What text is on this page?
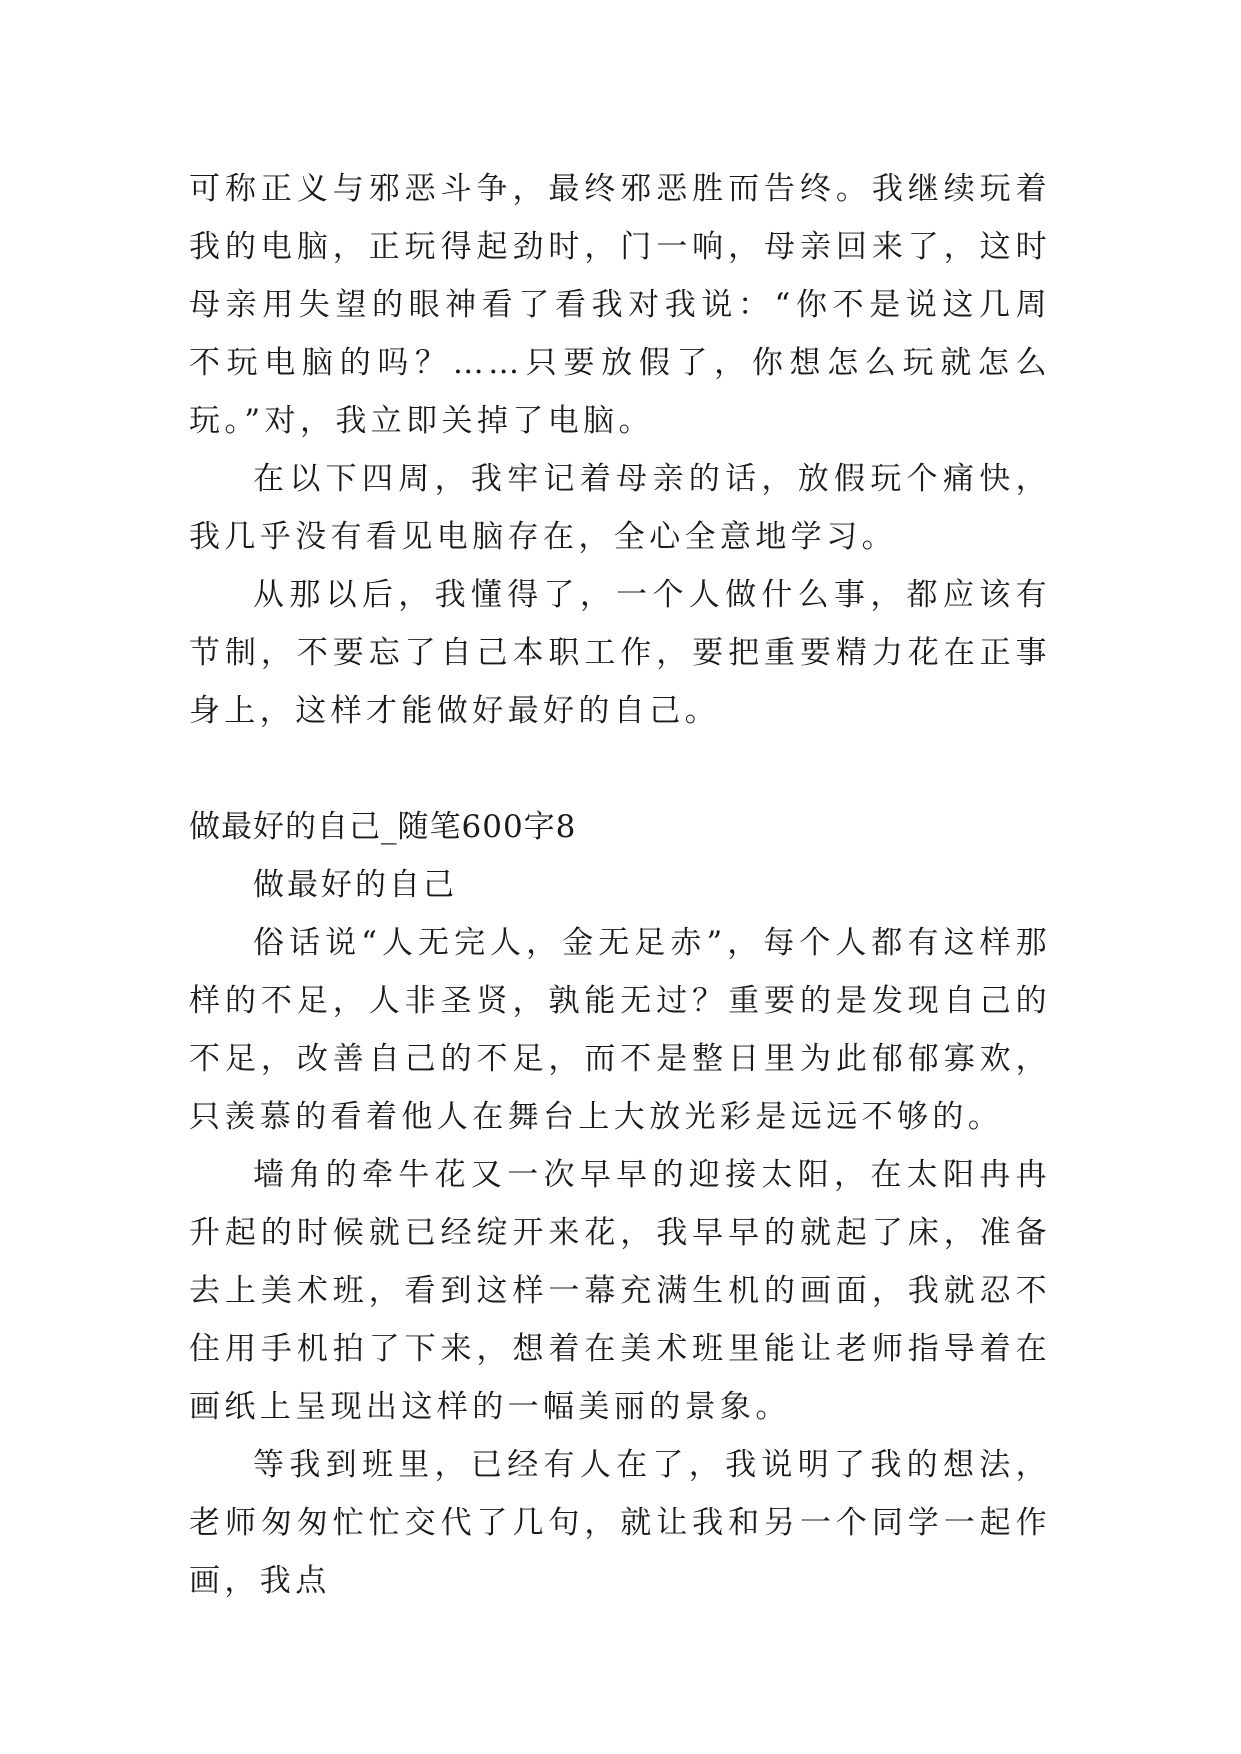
可称正义与邪恶斗争，最终邪恶胜而告终。我继续玩着我的电脑，正玩得起劲时，门一响，母亲回来了，这时母亲用失望的眼神看了看我对我说：“你不是说这几周不玩电脑的吗？……只要放假了，你想怎么玩就怎么玩。”对，我立即关掉了电脑。

在以下四周，我牢记着母亲的话，放假玩个痛快，我几乎没有看见电脑存在，全心全意地学习。

从那以后，我懂得了，一个人做什么事，都应该有节制，不要忘了自己本职工作，要把重要精力花在正事身上，这样才能做好最好的自己。

做最好的自己_随笔600字8

做最好的自己

俗话说“人无完人，金无足赤”，每个人都有这样那样的不足，人非圣贤，孰能无过？重要的是发现自己的不足，改善自己的不足，而不是整日里为此郁郁寡欢，只羡慕的看着他人在舞台上大放光彩是远远不够的。

墙角的牵牛花又一次早早的迎接太阳，在太阳冉冉升起的时候就已经绽开来花，我早早的就起了床，准备去上美术班，看到这样一幕充满生机的画面，我就忍不住用手机拍了下来，想着在美术班里能让老师指导着在画纸上呈现出这样的一幅美丽的景象。

等我到班里，已经有人在了，我说明了我的想法，老师匆匆忙忙交代了几句，就让我和另一个同学一起作画，我点
